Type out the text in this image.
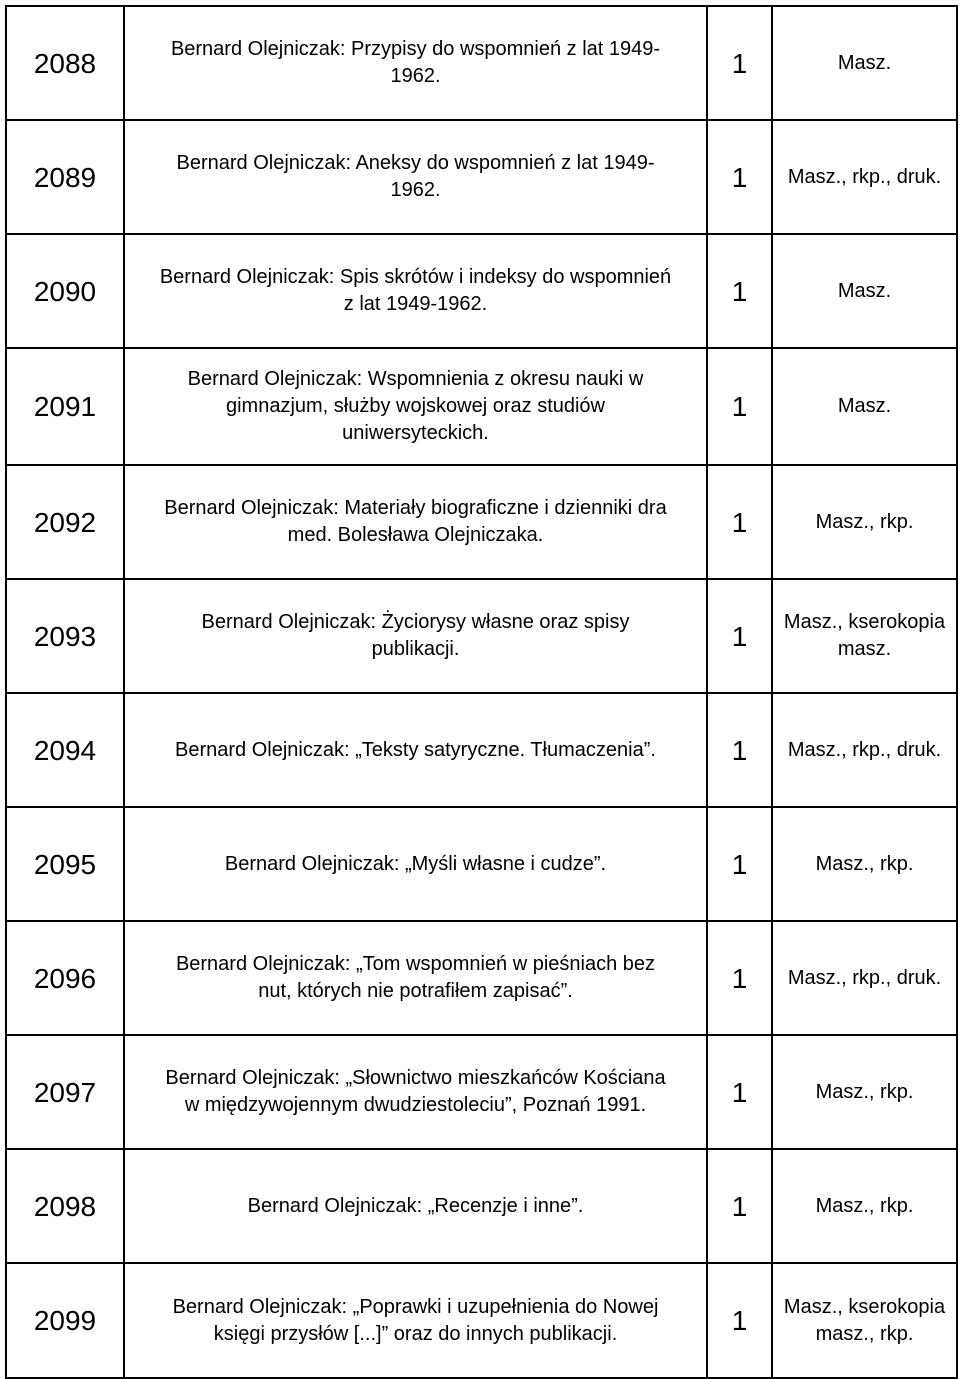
2088	Bernard Olejniczak: Przypisy do wspomnień z lat 1949-
1962.	1	Masz.
2089	Bernard Olejniczak: Aneksy do wspomnień z lat 1949-
1962.	1	Masz., rkp., druk.
2090	Bernard Olejniczak: Spis skrótów i indeksy do wspomnień
z lat 1949-1962.	1	Masz.
2091	Bernard Olejniczak: Wspomnienia z okresu nauki w
gimnazjum, służby wojskowej oraz studiów
uniwersyteckich.	1	Masz.
2092	Bernard Olejniczak: Materiały biograficzne i dzienniki dra
med. Bolesława Olejniczaka.	1	Masz., rkp.
2093	Bernard Olejniczak: Życiorysy własne oraz spisy
publikacji.	1	Masz., kserokopia
masz.
2094	Bernard Olejniczak: „Teksty satyryczne. Tłumaczenia”.	1	Masz., rkp., druk.
2095	Bernard Olejniczak: „Myśli własne i cudze”.	1	Masz., rkp.
2096	Bernard Olejniczak: „Tom wspomnień w pieśniach bez
nut, których nie potrafiłem zapisać”.	1	Masz., rkp., druk.
2097	Bernard Olejniczak: „Słownictwo mieszkańców Kościana
w międzywojennym dwudziestoleciu”, Poznań 1991.	1	Masz., rkp.
2098	Bernard Olejniczak: „Recenzje i inne”.	1	Masz., rkp.
2099	Bernard Olejniczak: „Poprawki i uzupełnienia do Nowej
księgi przysłów [...]” oraz do innych publikacji.	1	Masz., kserokopia
masz., rkp.
